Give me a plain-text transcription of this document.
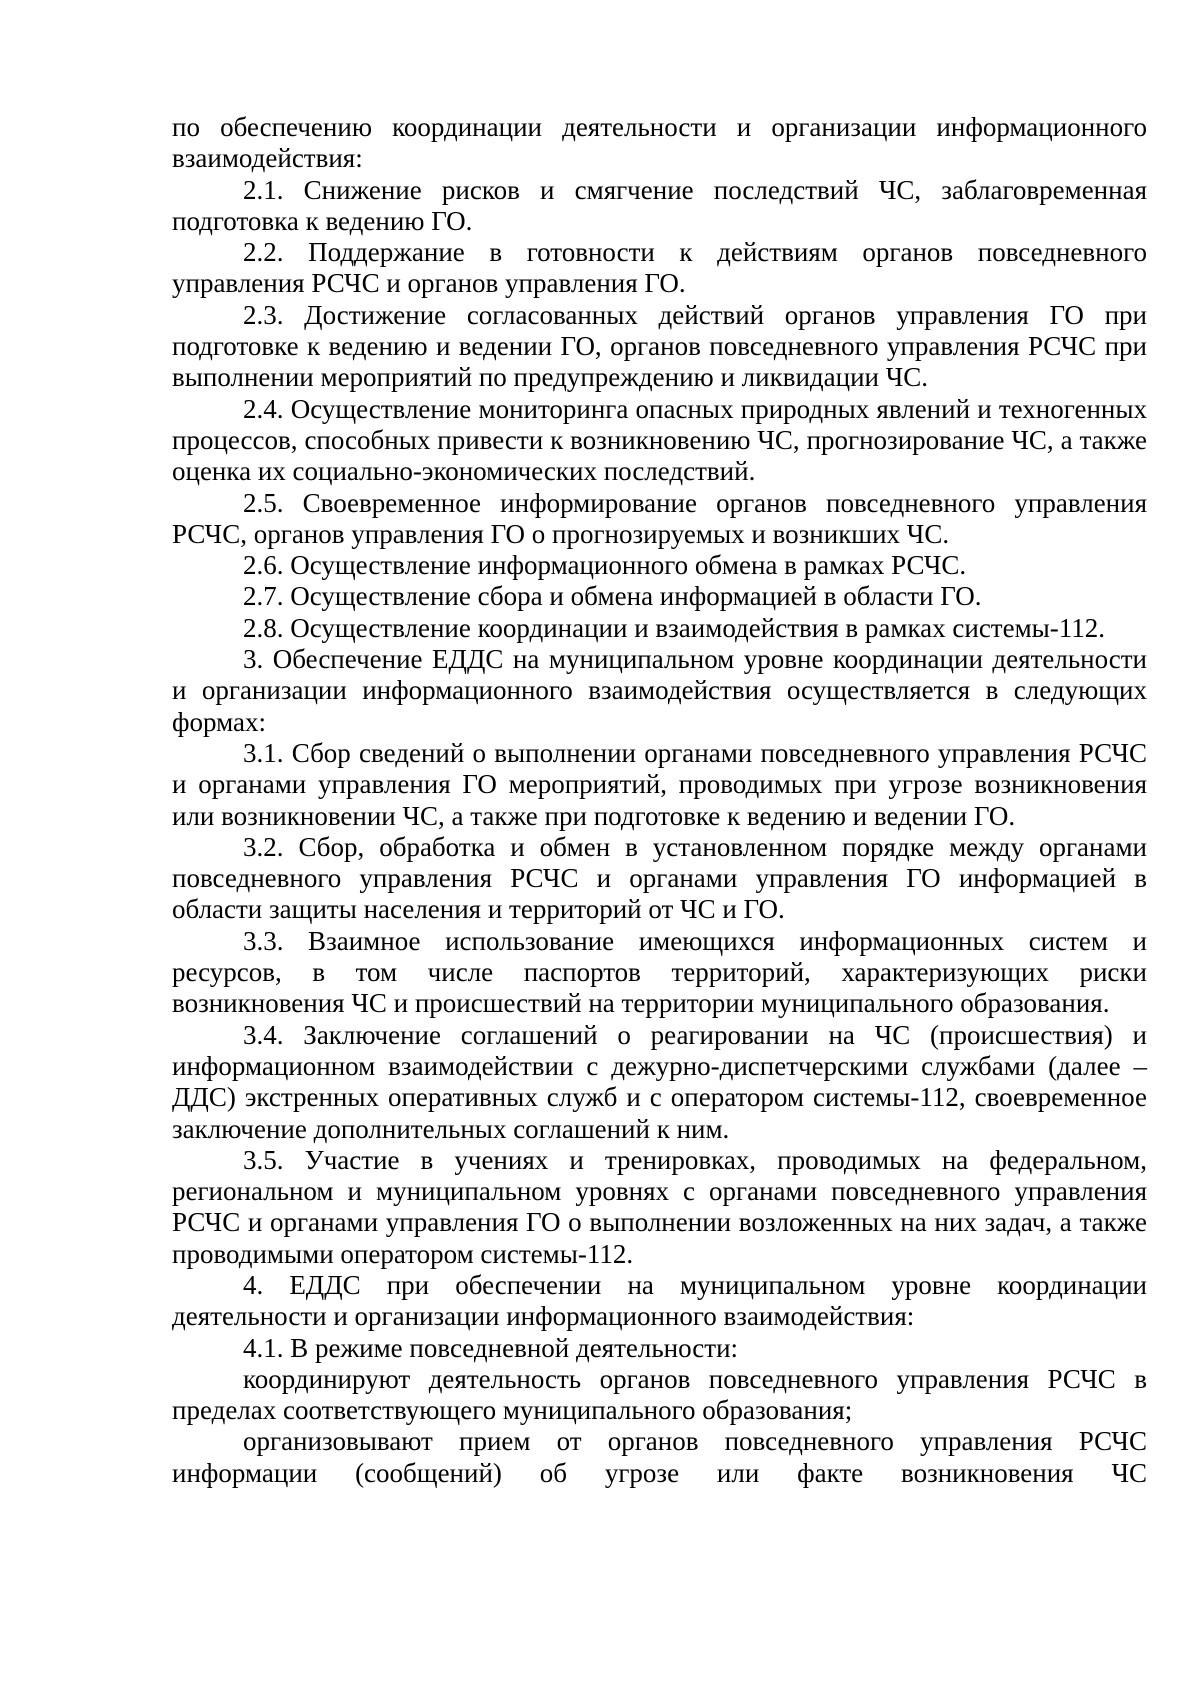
по обеспечению координации деятельности и организации информационного взаимодействия:

2.1. Снижение рисков и смягчение последствий ЧС, заблаговременная подготовка к ведению ГО.

2.2. Поддержание в готовности к действиям органов повседневного управления РСЧС и органов управления ГО.

2.3. Достижение согласованных действий органов управления ГО при подготовке к ведению и ведении ГО, органов повседневного управления РСЧС при выполнении мероприятий по предупреждению и ликвидации ЧС.

2.4. Осуществление мониторинга опасных природных явлений и техногенных процессов, способных привести к возникновению ЧС, прогнозирование ЧС, а также оценка их социально-экономических последствий.

2.5. Своевременное информирование органов повседневного управления РСЧС, органов управления ГО о прогнозируемых и возникших ЧС.

2.6. Осуществление информационного обмена в рамках РСЧС.

2.7. Осуществление сбора и обмена информацией в области ГО.

2.8. Осуществление координации и взаимодействия в рамках системы-112.

3. Обеспечение ЕДДС на муниципальном уровне координации деятельности и организации информационного взаимодействия осуществляется в следующих формах:

3.1. Сбор сведений о выполнении органами повседневного управления РСЧС и органами управления ГО мероприятий, проводимых при угрозе возникновения или возникновении ЧС, а также при подготовке к ведению и ведении ГО.

3.2. Сбор, обработка и обмен в установленном порядке между органами повседневного управления РСЧС и органами управления ГО информацией в области защиты населения и территорий от ЧС и ГО.

3.3. Взаимное использование имеющихся информационных систем и ресурсов, в том числе паспортов территорий, характеризующих риски возникновения ЧС и происшествий на территории муниципального образования.

3.4. Заключение соглашений о реагировании на ЧС (происшествия) и информационном взаимодействии с дежурно-диспетчерскими службами (далее – ДДС) экстренных оперативных служб и с оператором системы-112, своевременное заключение дополнительных соглашений к ним.

3.5. Участие в учениях и тренировках, проводимых на федеральном, региональном и муниципальном уровнях с органами повседневного управления РСЧС и органами управления ГО о выполнении возложенных на них задач, а также проводимыми оператором системы-112.

4. ЕДДС при обеспечении на муниципальном уровне координации деятельности и организации информационного взаимодействия:

4.1. В режиме повседневной деятельности:

координируют деятельность органов повседневного управления РСЧС в пределах соответствующего муниципального образования;

организовывают прием от органов повседневного управления РСЧС информации (сообщений) об угрозе или факте возникновения ЧС
